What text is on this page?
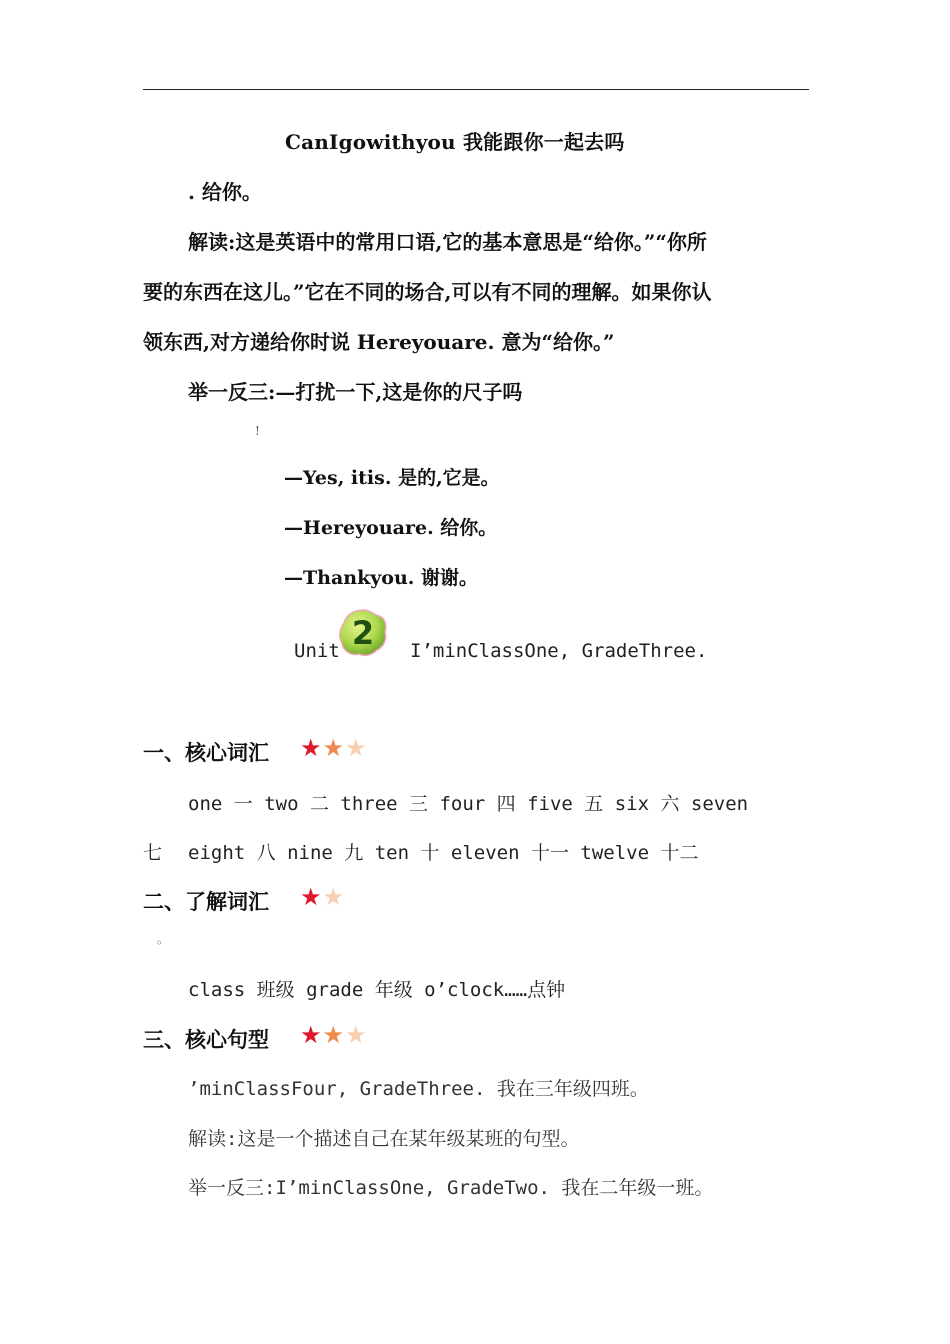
CanIgowithyou 我能跟你一起去吗
. 给你。
解读:这是英语中的常用口语,它的基本意思是“给你。”“你所
要的东西在这儿。”它在不同的场合,可以有不同的理解。如果你认
领东西,对方递给你时说 Hereyouare. 意为“给你。”
举一反三:—打扰一下,这是你的尺子吗
!
—Yes, itis. 是的,它是。
—Hereyouare. 给你。
—Thankyou. 谢谢。
Unit 2 I’minClassOne, GradeThree.
一、核心词汇 ★ ★ ★
one 一 two 二 three 三 four 四 five 五 six 六 seven
七 eight 八 nine 九 ten 十 eleven 十一 twelve 十二
二、了解词汇 ★ ★
。
class 班级 grade 年级 o’clock……点钟
三、核心句型 ★ ★ ★
’minClassFour, GradeThree. 我在三年级四班。
解读:这是一个描述自己在某年级某班的句型。
举一反三:I’minClassOne, GradeTwo. 我在二年级一班。
